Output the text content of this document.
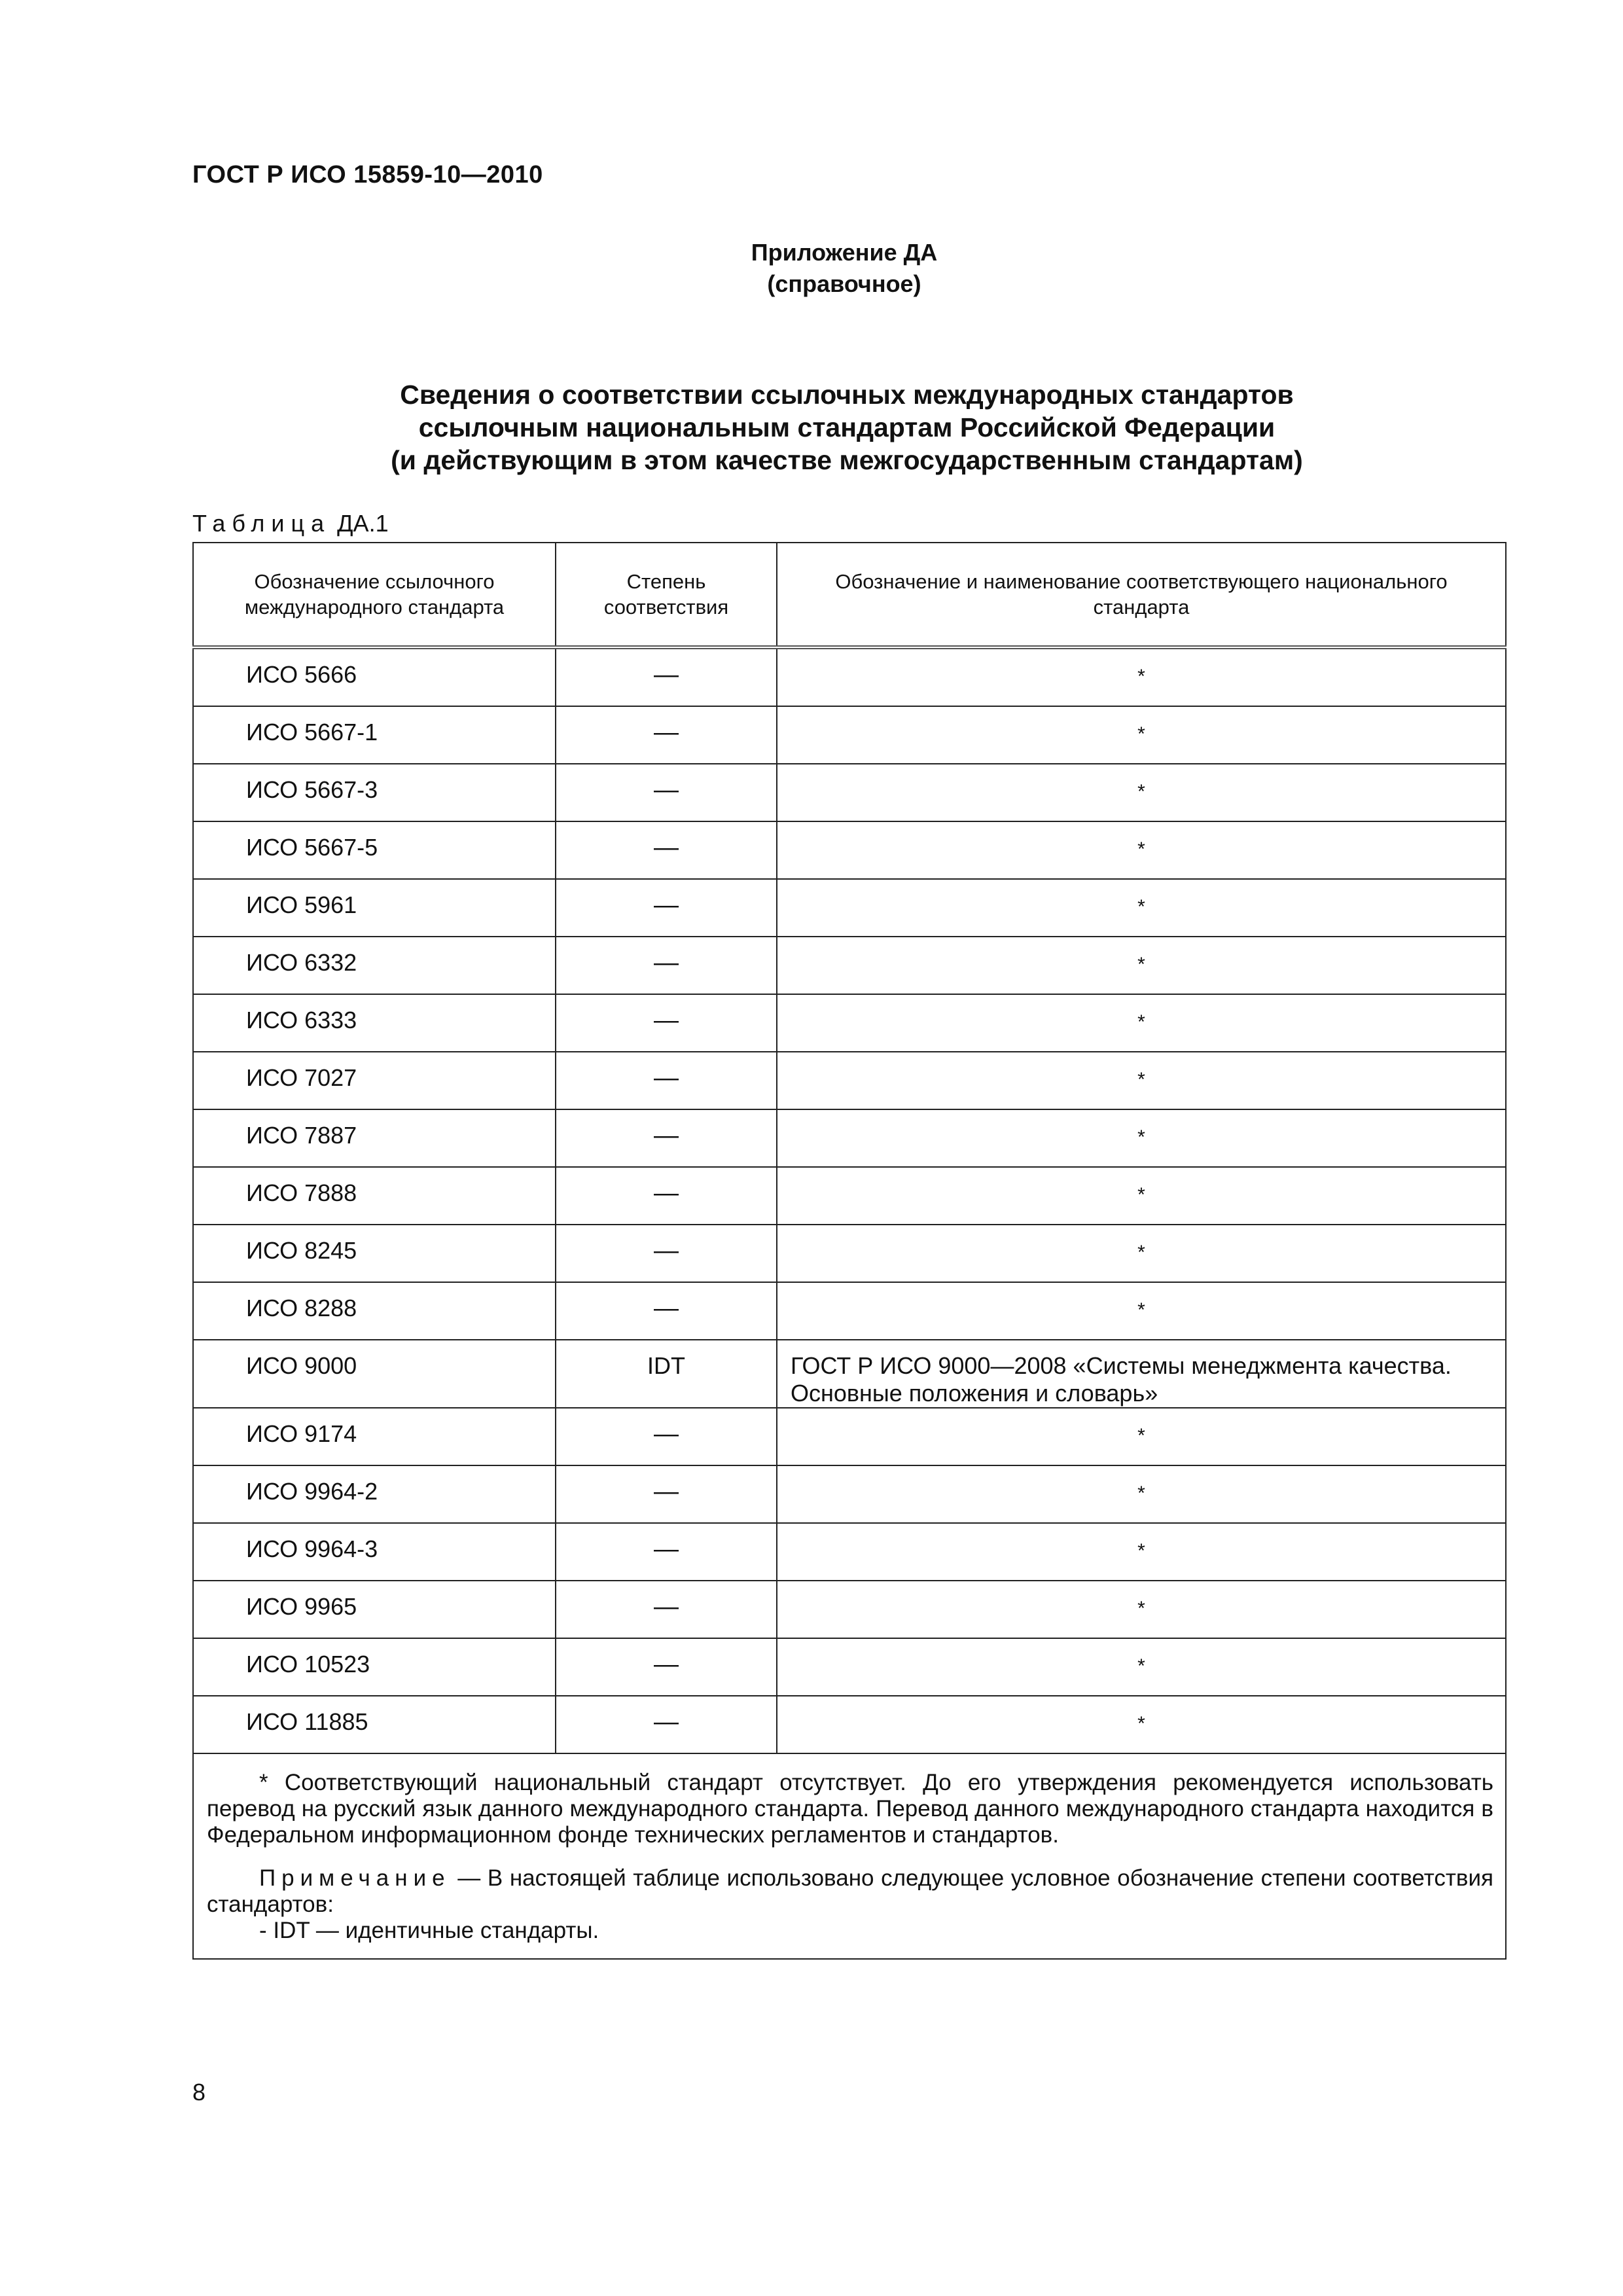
ГОСТ Р ИСО 15859-10—2010
Приложение ДА
(справочное)
Сведения о соответствии ссылочных международных стандартов
ссылочным национальным стандартам Российской Федерации
(и действующим в этом качестве межгосударственным стандартам)
Таблица ДА.1
Обозначение ссылочного международного стандарта	Степень соответствия	Обозначение и наименование соответствующего национального стандарта
ИСО 5666	—	*
ИСО 5667-1	—	*
ИСО 5667-3	—	*
ИСО 5667-5	—	*
ИСО 5961	—	*
ИСО 6332	—	*
ИСО 6333	—	*
ИСО 7027	—	*
ИСО 7887	—	*
ИСО 7888	—	*
ИСО 8245	—	*
ИСО 8288	—	*
ИСО 9000	IDT	ГОСТ Р ИСО 9000—2008 «Системы менеджмента качества. Основные положения и словарь»
ИСО 9174	—	*
ИСО 9964-2	—	*
ИСО 9964-3	—	*
ИСО 9965	—	*
ИСО 10523	—	*
ИСО 11885	—	*

* Соответствующий национальный стандарт отсутствует. До его утверждения рекомендуется использовать перевод на русский язык данного международного стандарта. Перевод данного международного стандарта находится в Федеральном информационном фонде технических регламентов и стандартов.

Примечание — В настоящей таблице использовано следующее условное обозначение степени соответствия стандартов:

- IDT — идентичные стандарты.		

8
